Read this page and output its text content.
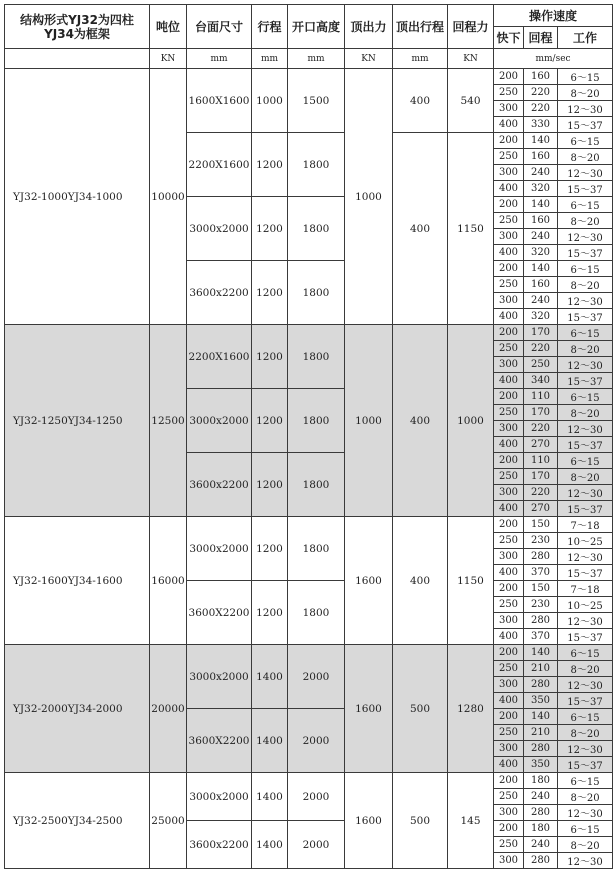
结构形式YJ32为四柱
YJ34为框架	吨位	台面尺寸	行程	开口高度	顶出力	顶出行程	回程力	操作速度		
								快下	回程	工作
	KN	mm	mm	mm	KN	mm	KN	mm/sec		
YJ32-1000YJ34-1000	10000	1600X1600	1000	1500	1000	400	540	200	160	6～15
								250	220	8～20
								300	220	12～30
								400	330	15～37
		2200X1600	1200	1800		400	1150	200	140	6～15
								250	160	8～20
								300	240	12～30
								400	320	15～37
		3000x2000	1200	1800				200	140	6～15
								250	160	8～20
								300	240	12～30
								400	320	15～37
		3600x2200	1200	1800				200	140	6～15
								250	160	8～20
								300	240	12～30
								400	320	15～37
YJ32-1250YJ34-1250	12500	2200X1600	1200	1800	1000	400	1000	200	170	6～15
								250	220	8～20
								300	250	12～30
								400	340	15～37
		3000x2000	1200	1800				200	110	6～15
								250	170	8～20
								300	220	12～30
								400	270	15～37
		3600x2200	1200	1800				200	110	6～15
								250	170	8～20
								300	220	12～30
								400	270	15～37
YJ32-1600YJ34-1600	16000	3000x2000	1200	1800	1600	400	1150	200	150	7～18
								250	230	10～25
								300	280	12～30
								400	370	15～37
		3600X2200	1200	1800				200	150	7～18
								250	230	10～25
								300	280	12～30
								400	370	15～37
YJ32-2000YJ34-2000	20000	3000x2000	1400	2000	1600	500	1280	200	140	6～15
								250	210	8～20
								300	280	12～30
								400	350	15～37
		3600X2200	1400	2000				200	140	6～15
								250	210	8～20
								300	280	12～30
								400	350	15～37
YJ32-2500YJ34-2500	25000	3000x2000	1400	2000	1600	500	145	200	180	6～15
								250	240	8～20
								300	280	12～30
		3600x2200	1400	2000				200	180	6～15
								250	240	8～20
								300	280	12～30
